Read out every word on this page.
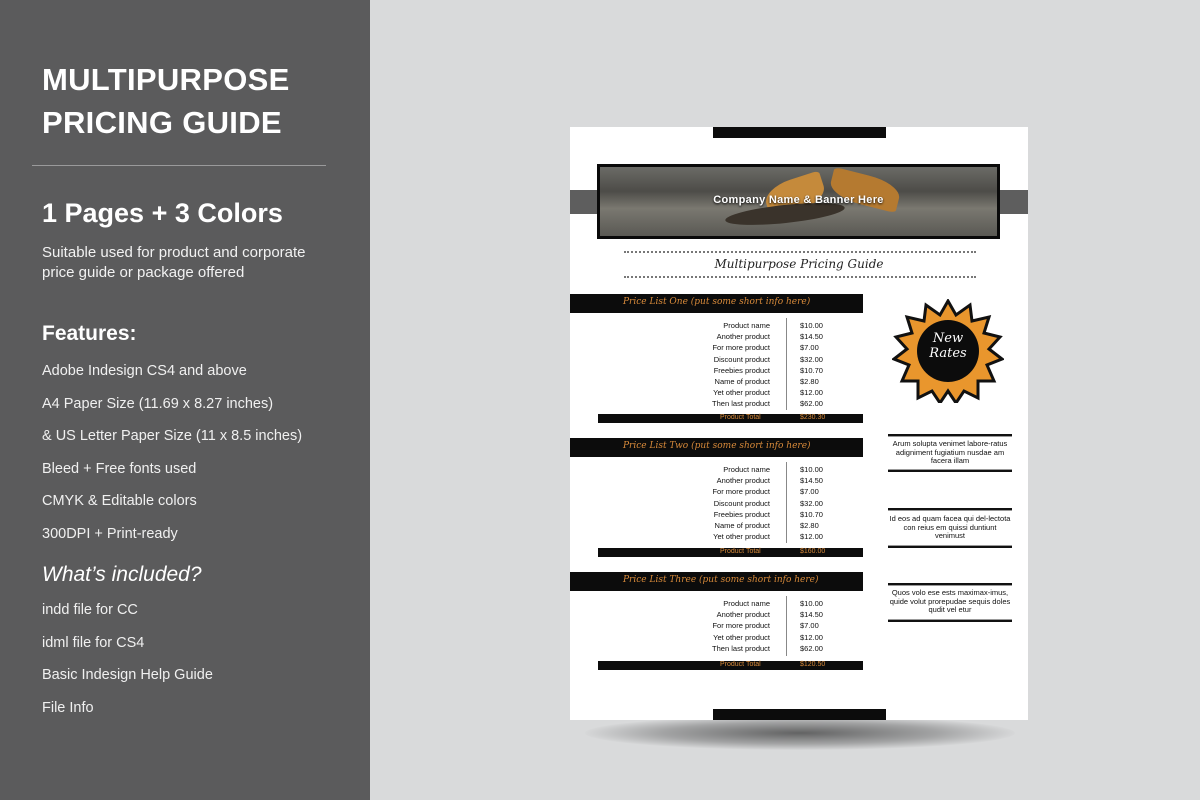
MULTIPURPOSE
PRICING GUIDE
1 Pages + 3 Colors
Suitable used for product and corporate price guide or package offered
Features:
Adobe Indesign CS4 and above
A4 Paper Size (11.69 x 8.27 inches)
& US Letter Paper Size (11 x 8.5 inches)
Bleed + Free fonts used
CMYK & Editable colors
300DPI + Print-ready
What’s included?
indd file for CC
idml file for CS4
Basic Indesign Help Guide
File Info
Company Name & Banner Here
Multipurpose Pricing Guide
Price List One (put some short info here)
Product name	$10.00
Another product	$14.50
For more product	$7.00
Discount product	$32.00
Freebies product	$10.70
Name of product	$2.80
Yet other product	$12.00
Then last product	$62.00
Product Total	$230.30
Price List Two (put some short info here)
Product name	$10.00
Another product	$14.50
For more product	$7.00
Discount product	$32.00
Freebies product	$10.70
Name of product	$2.80
Yet other product	$12.00
Product Total	$160.00
Price List Three (put some short info here)
Product name	$10.00
Another product	$14.50
For more product	$7.00
Yet other product	$12.00
Then last product	$62.00
Product Total	$120.50
New
Rates
Arum solupta venimet labore-ratus adigniment fugiatium nusdae am facera illam
Id eos ad quam facea qui del-lectota con reius em quissi duntiunt venimust
Quos volo ese ests maximax-imus, quide volut prorepudae sequis doles qudit vel etur
